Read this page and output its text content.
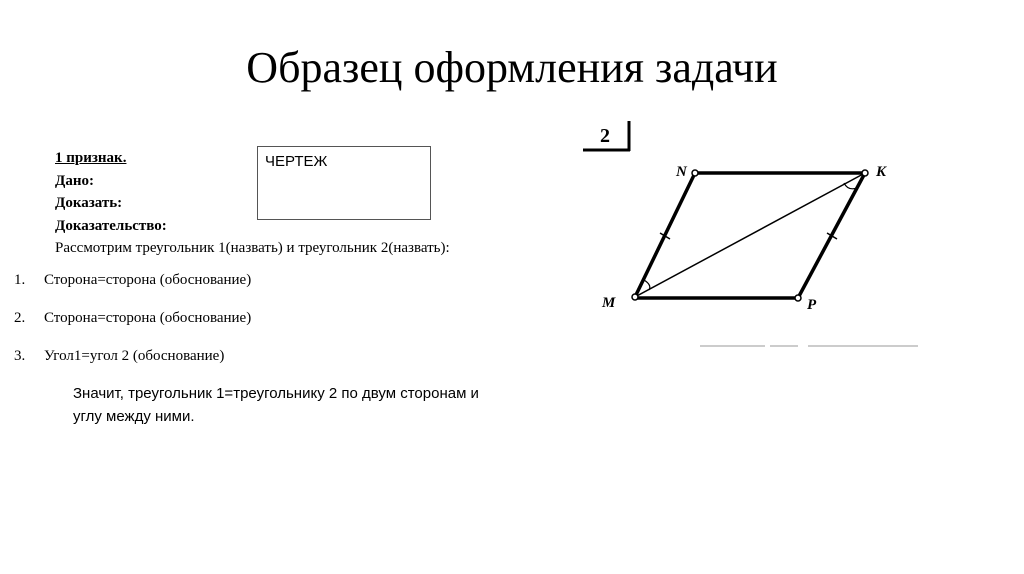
Образец оформления задачи
1 признак.
Дано:
Доказать:
Доказательство:
Рассмотрим треугольник 1(назвать) и треугольник 2(назвать):
ЧЕРТЕЖ
1. Сторона=сторона (обоснование)
2. Сторона=сторона (обоснование)
3. Угол1=угол 2 (обоснование)
Значит, треугольник 1=треугольнику 2 по двум сторонам и
углу между ними.
2
N	K
M	P
